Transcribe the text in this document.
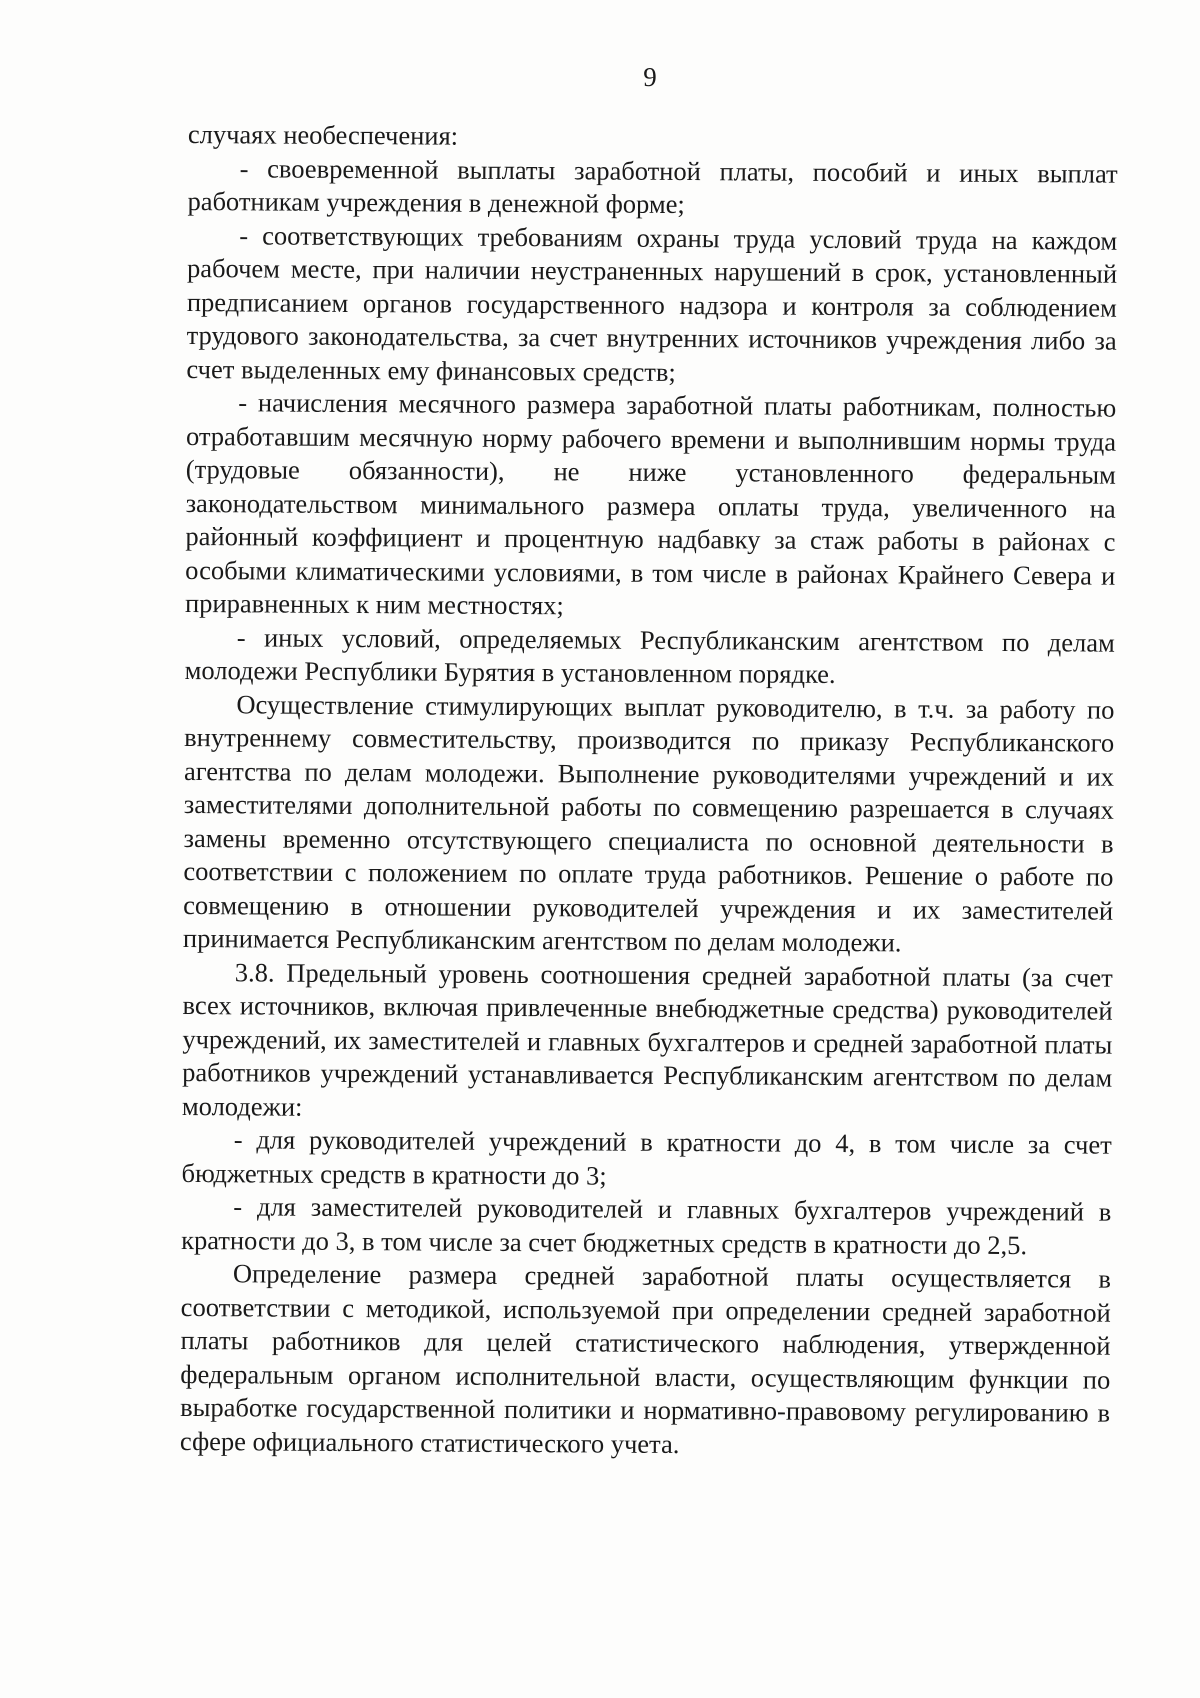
9

случаях необеспечения:

- своевременной выплаты заработной платы, пособий и иных выплат работникам учреждения в денежной форме;

- соответствующих требованиям охраны труда условий труда на каждом рабочем месте, при наличии неустраненных нарушений в срок, установленный предписанием органов государственного надзора и контроля за соблюдением трудового законодательства, за счет внутренних источников учреждения либо за счет выделенных ему финансовых средств;

- начисления месячного размера заработной платы работникам, полностью отработавшим месячную норму рабочего времени и выполнившим нормы труда (трудовые обязанности), не ниже установленного федеральным законодательством минимального размера оплаты труда, увеличенного на районный коэффициент и процентную надбавку за стаж работы в районах с особыми климатическими условиями, в том числе в районах Крайнего Севера и приравненных к ним местностях;

- иных условий, определяемых Республиканским агентством по делам молодежи Республики Бурятия в установленном порядке.

Осуществление стимулирующих выплат руководителю, в т.ч. за работу по внутреннему совместительству, производится по приказу Республиканского агентства по делам молодежи. Выполнение руководителями учреждений и их заместителями дополнительной работы по совмещению разрешается в случаях замены временно отсутствующего специалиста по основной деятельности в соответствии с положением по оплате труда работников. Решение о работе по совмещению в отношении руководителей учреждения и их заместителей принимается Республиканским агентством по делам молодежи.

3.8. Предельный уровень соотношения средней заработной платы (за счет всех источников, включая привлеченные внебюджетные средства) руководителей учреждений, их заместителей и главных бухгалтеров и средней заработной платы работников учреждений устанавливается Республиканским агентством по делам молодежи:

- для руководителей учреждений в кратности до 4, в том числе за счет бюджетных средств в кратности до 3;

- для заместителей руководителей и главных бухгалтеров учреждений в кратности до 3, в том числе за счет бюджетных средств в кратности до 2,5.

Определение размера средней заработной платы осуществляется в соответствии с методикой, используемой при определении средней заработной платы работников для целей статистического наблюдения, утвержденной федеральным органом исполнительной власти, осуществляющим функции по выработке государственной политики и нормативно-правовому регулированию в сфере официального статистического учета.
